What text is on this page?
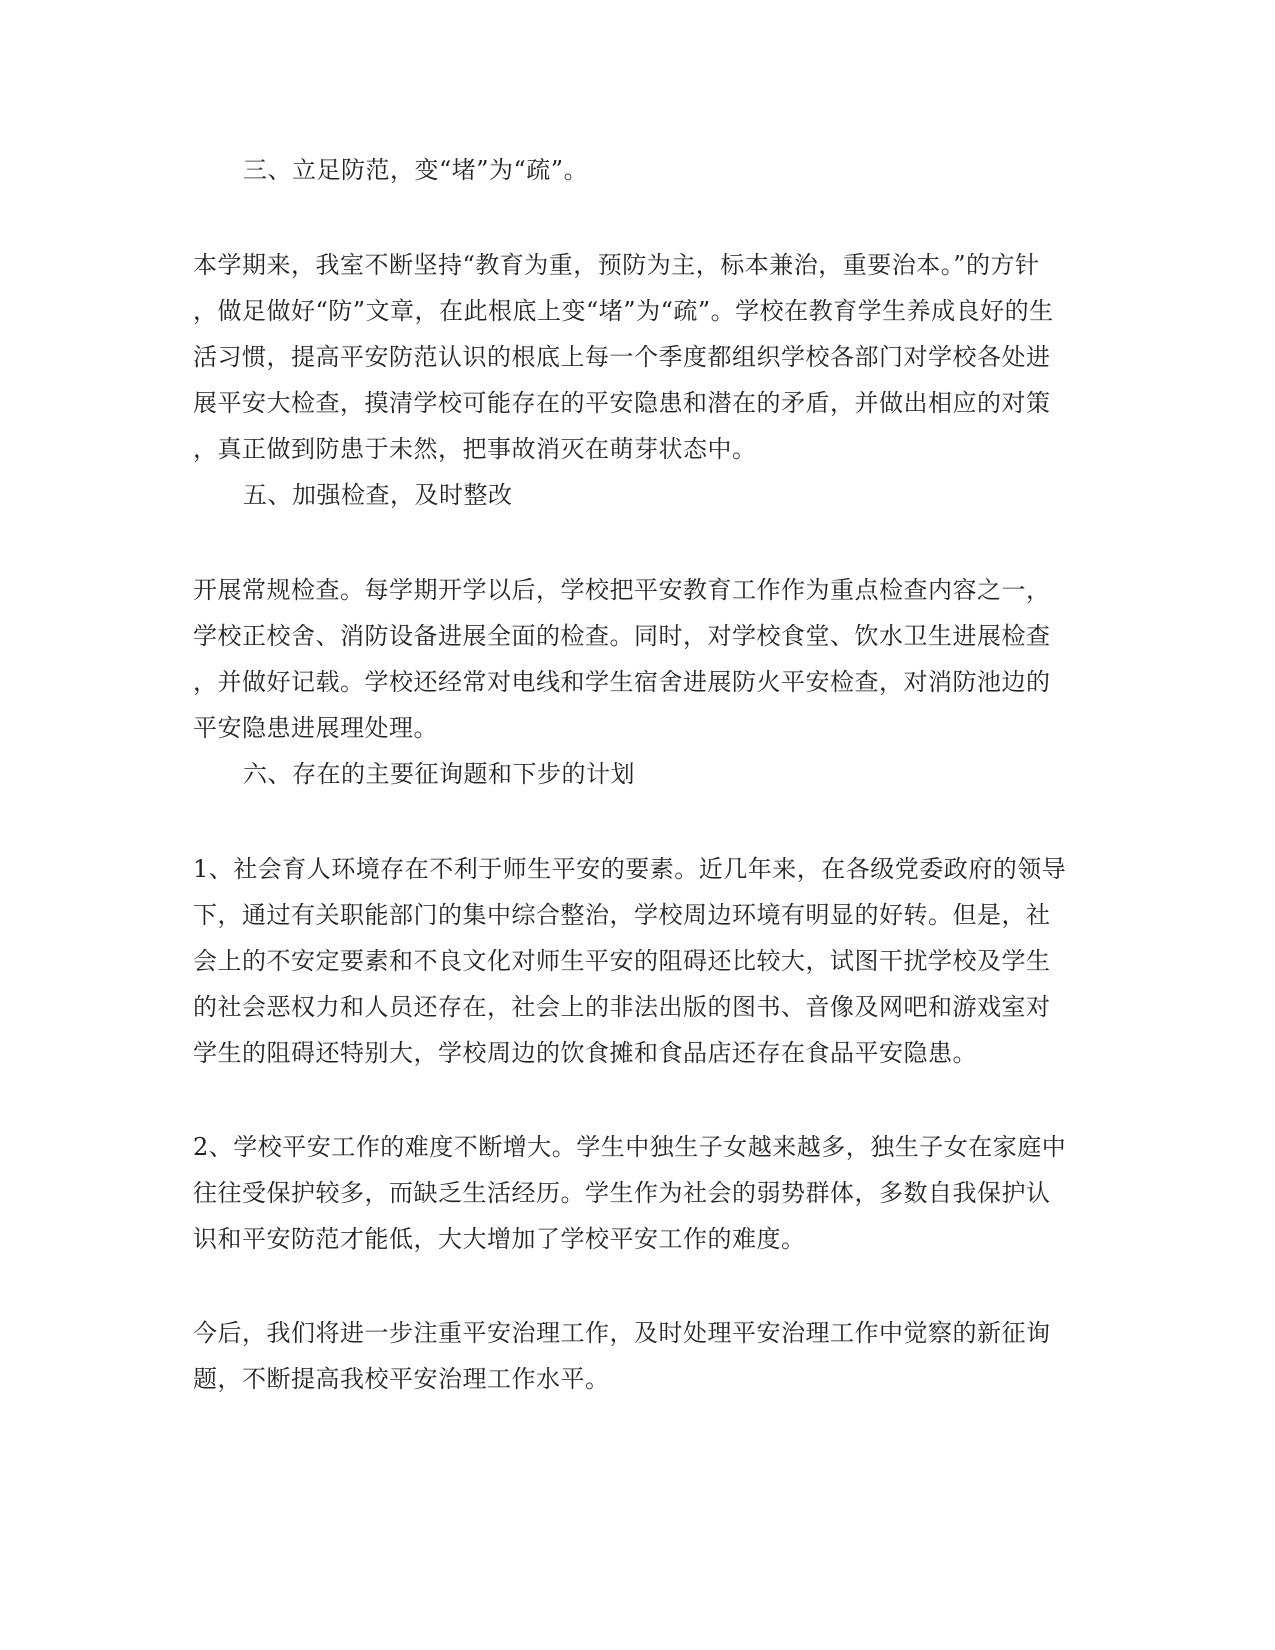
三、立足防范，变“堵”为“疏”。
本学期来，我室不断坚持“教育为重，预防为主，标本兼治，重要治本。”的方针
，做足做好“防”文章，在此根底上变“堵”为“疏”。学校在教育学生养成良好的生
活习惯，提高平安防范认识的根底上每一个季度都组织学校各部门对学校各处进
展平安大检查，摸清学校可能存在的平安隐患和潜在的矛盾，并做出相应的对策
，真正做到防患于未然，把事故消灭在萌芽状态中。
五、加强检查，及时整改
开展常规检查。每学期开学以后，学校把平安教育工作作为重点检查内容之一，
学校正校舍、消防设备进展全面的检查。同时，对学校食堂、饮水卫生进展检查
，并做好记载。学校还经常对电线和学生宿舍进展防火平安检查，对消防池边的
平安隐患进展理处理。
六、存在的主要征询题和下步的计划
1、社会育人环境存在不利于师生平安的要素。近几年来，在各级党委政府的领导
下，通过有关职能部门的集中综合整治，学校周边环境有明显的好转。但是，社
会上的不安定要素和不良文化对师生平安的阻碍还比较大，试图干扰学校及学生
的社会恶权力和人员还存在，社会上的非法出版的图书、音像及网吧和游戏室对
学生的阻碍还特别大，学校周边的饮食摊和食品店还存在食品平安隐患。
2、学校平安工作的难度不断增大。学生中独生子女越来越多，独生子女在家庭中
往往受保护较多，而缺乏生活经历。学生作为社会的弱势群体，多数自我保护认
识和平安防范才能低，大大增加了学校平安工作的难度。
今后，我们将进一步注重平安治理工作，及时处理平安治理工作中觉察的新征询
题，不断提高我校平安治理工作水平。
